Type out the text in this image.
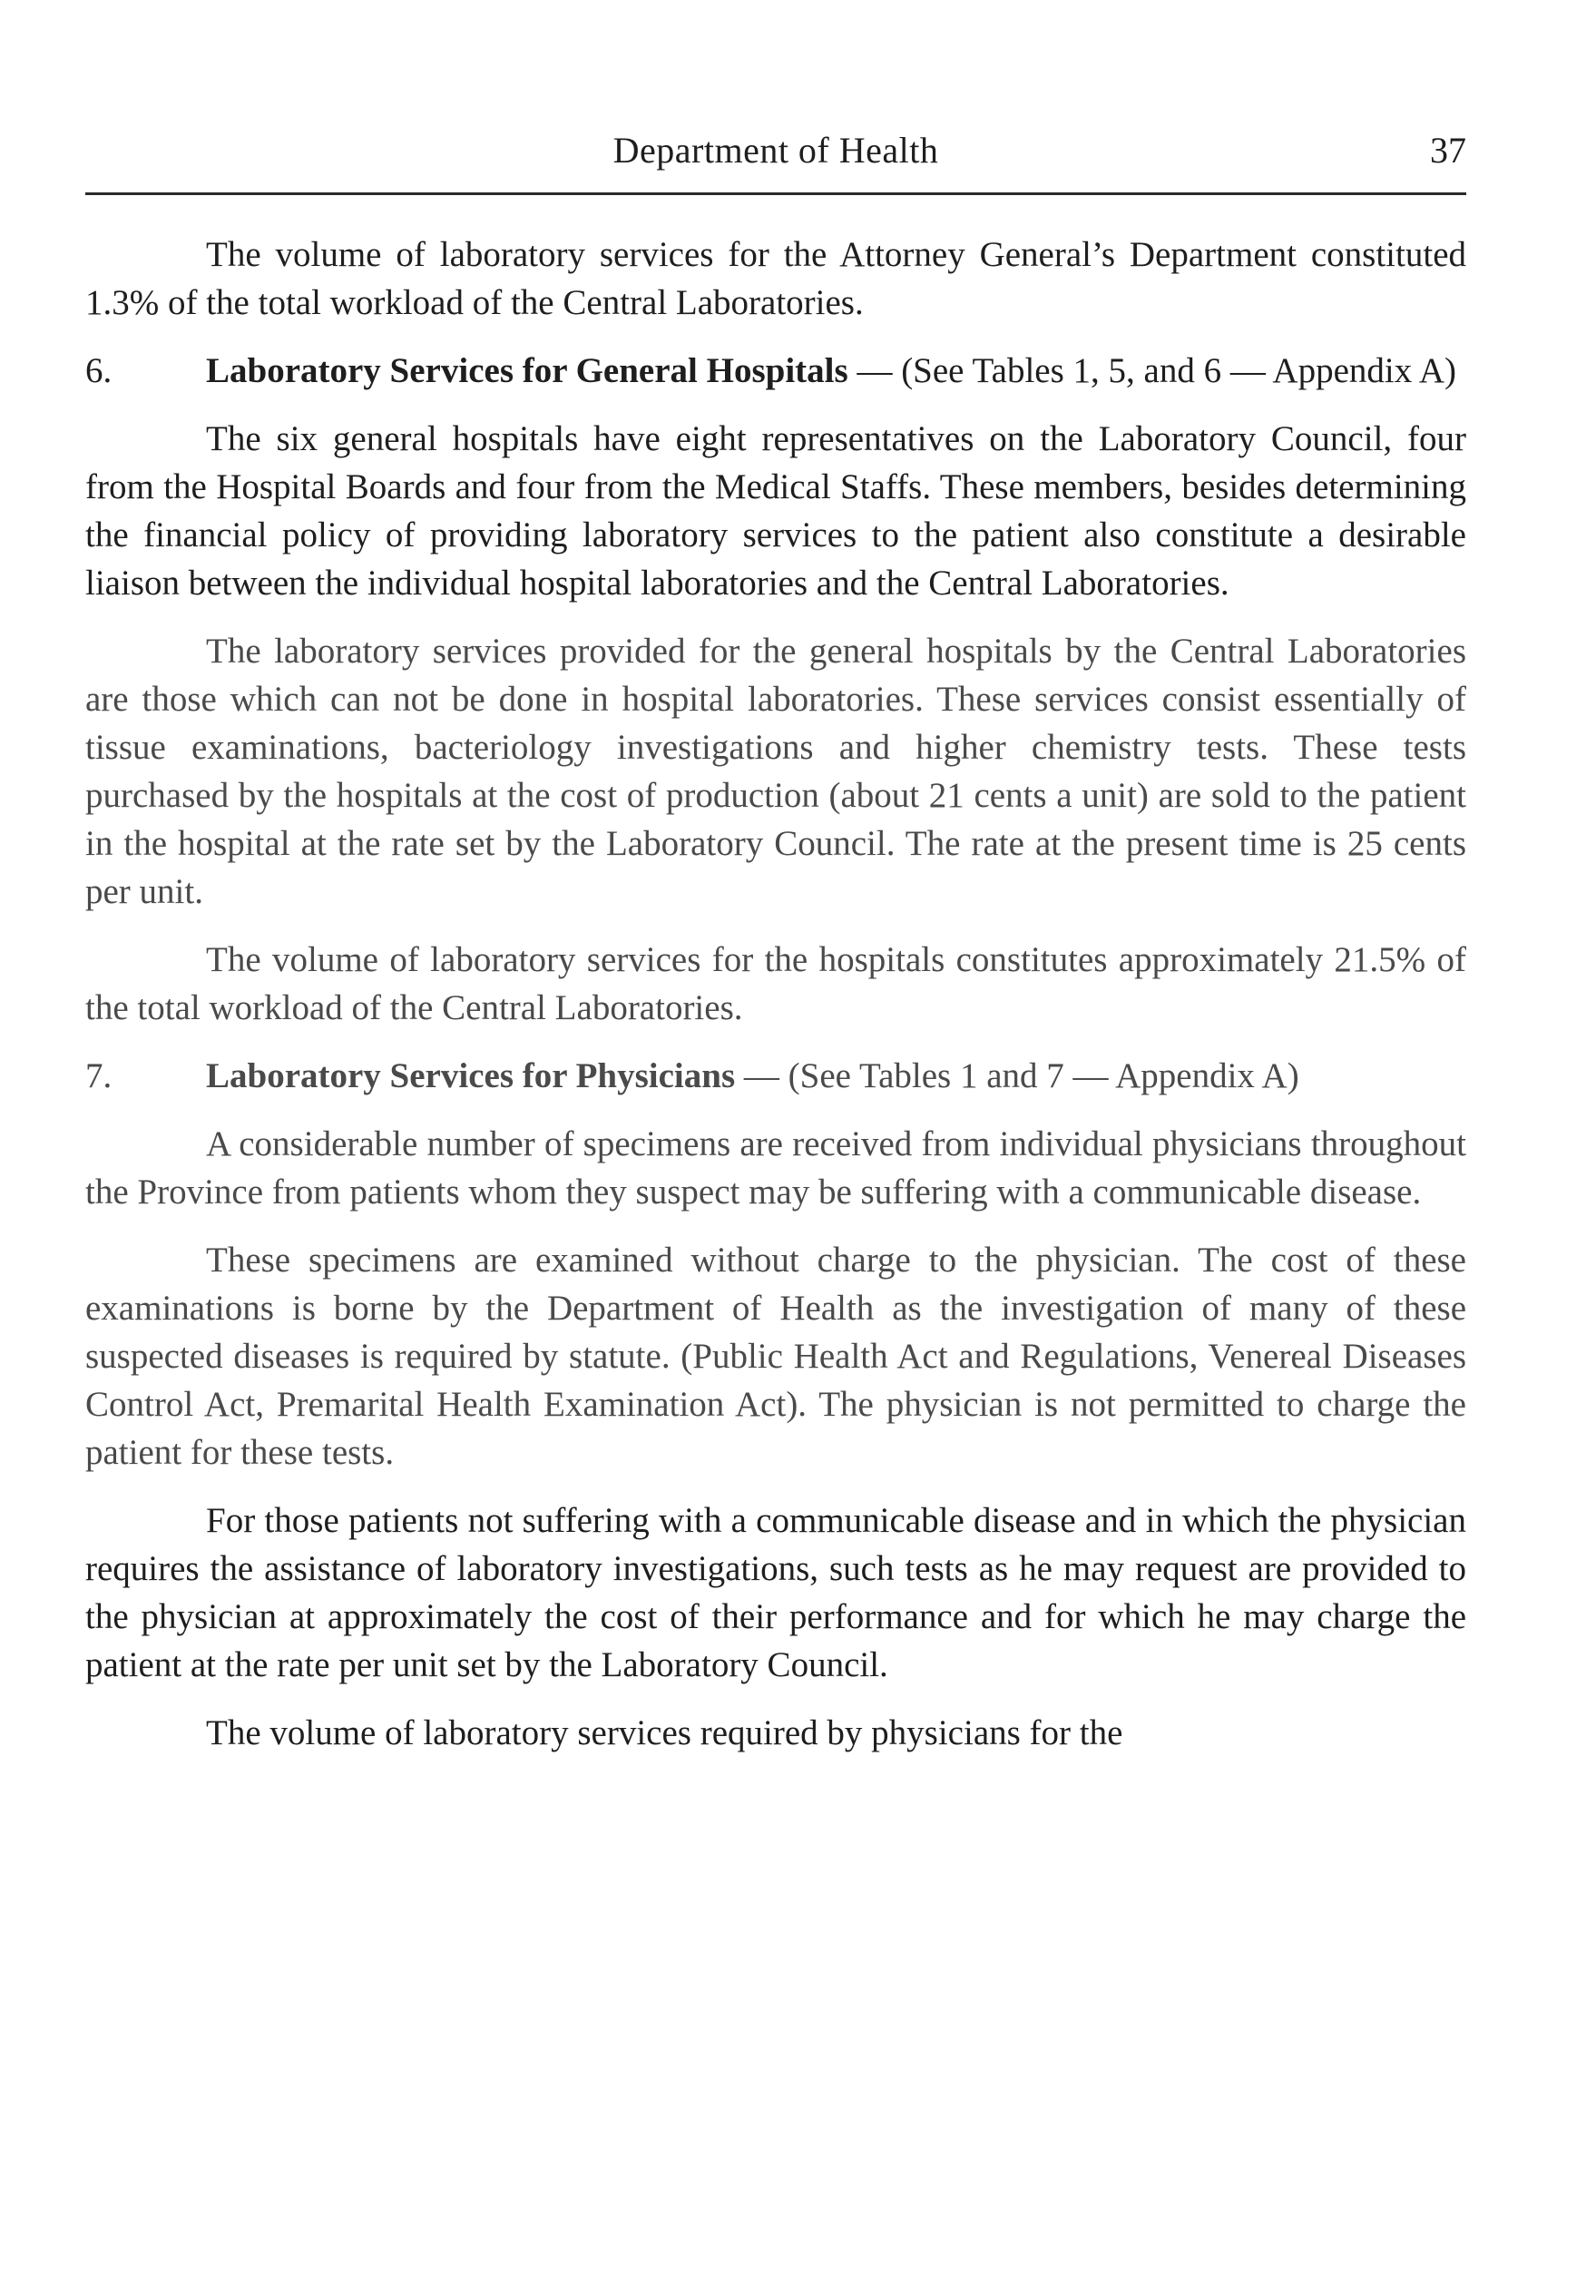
Department of Health	37

The volume of laboratory services for the Attorney General’s Department constituted 1.3% of the total workload of the Central Laboratories.

6.	Laboratory Services for General Hospitals — (See Tables 1, 5, and 6 — Appendix A)

The six general hospitals have eight representatives on the Laboratory Council, four from the Hospital Boards and four from the Medical Staffs. These members, besides determining the financial policy of providing laboratory services to the patient also constitute a desirable liaison between the individual hospital laboratories and the Central Laboratories.

The laboratory services provided for the general hospitals by the Central Laboratories are those which can not be done in hospital laboratories. These services consist essentially of tissue examinations, bacteriology investigations and higher chemistry tests. These tests purchased by the hospitals at the cost of production (about 21 cents a unit) are sold to the patient in the hospital at the rate set by the Laboratory Council. The rate at the present time is 25 cents per unit.

The volume of laboratory services for the hospitals constitutes approximately 21.5% of the total workload of the Central Laboratories.

7.	Laboratory Services for Physicians — (See Tables 1 and 7 — Appendix A)

A considerable number of specimens are received from individual physicians throughout the Province from patients whom they suspect may be suffering with a communicable disease.

These specimens are examined without charge to the physician. The cost of these examinations is borne by the Department of Health as the investigation of many of these suspected diseases is required by statute. (Public Health Act and Regulations, Venereal Diseases Control Act, Premarital Health Examination Act). The physician is not permitted to charge the patient for these tests.

For those patients not suffering with a communicable disease and in which the physician requires the assistance of laboratory investigations, such tests as he may request are provided to the physician at approximately the cost of their performance and for which he may charge the patient at the rate per unit set by the Laboratory Council.

The volume of laboratory services required by physicians for the
